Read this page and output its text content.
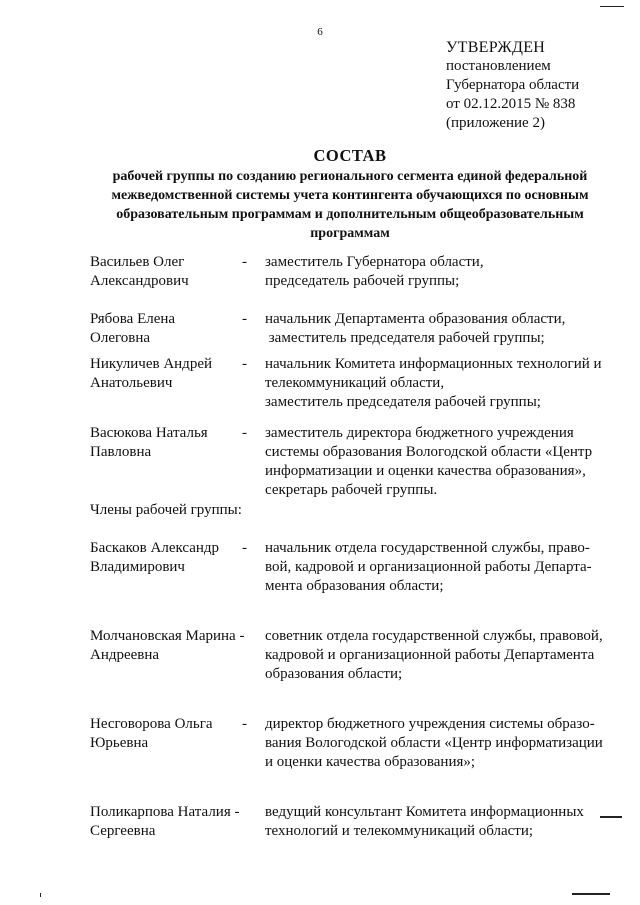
6
УТВЕРЖДЕН
постановлением
Губернатора области
от 02.12.2015 № 838
(приложение 2)
СОСТАВ
рабочей группы по созданию регионального сегмента единой федеральной
межведомственной системы учета контингента обучающихся по основным
образовательным программам и дополнительным общеобразовательным
программам
Васильев Олег
Александрович
- заместитель Губернатора области,
председатель рабочей группы;
Рябова Елена
Олеговна
- начальник Департамента образования области,
заместитель председателя рабочей группы;
Никуличев Андрей
Анатольевич
- начальник Комитета информационных технологий и
телекоммуникаций области,
заместитель председателя рабочей группы;
Васюкова Наталья
Павловна
- заместитель директора бюджетного учреждения
системы образования Вологодской области «Центр
информатизации и оценки качества образования»,
секретарь рабочей группы.
Члены рабочей группы:
Баскаков Александр
Владимирович
- начальник отдела государственной службы, право-
вой, кадровой и организационной работы Департа-
мента образования области;
Молчановская Марина -
Андреевна
советник отдела государственной службы, правовой,
кадровой и организационной работы Департамента
образования области;
Несговорова Ольга
Юрьевна
- директор бюджетного учреждения системы образо-
вания Вологодской области «Центр информатизации
и оценки качества образования»;
Поликарпова Наталия -
Сергеевна
ведущий консультант Комитета информационных
технологий и телекоммуникаций области;
